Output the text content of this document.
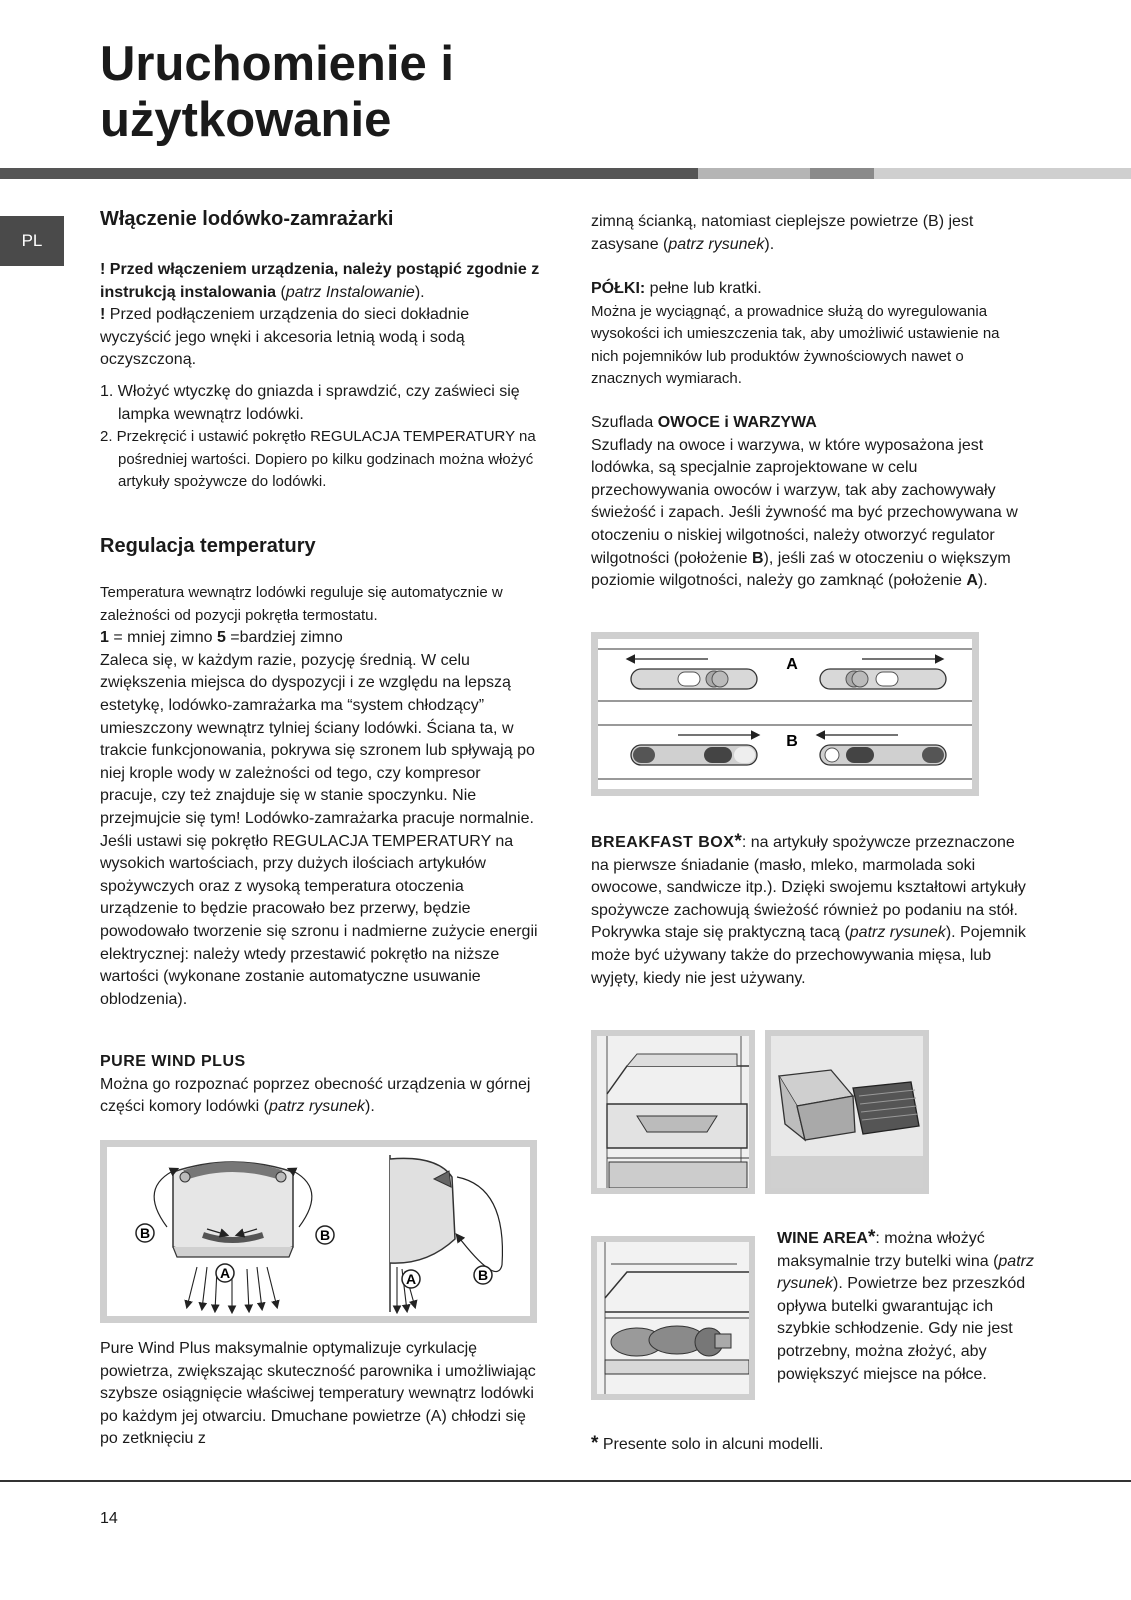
Uruchomienie i
użytkowanie
PL
Włączenie lodówko-zamrażarki

! Przed włączeniem urządzenia, należy postąpić zgodnie z instrukcją instalowania (patrz Instalowanie).

! Przed podłączeniem urządzenia do sieci dokładnie wyczyścić jego wnęki i akcesoria letnią wodą i sodą oczyszczoną.

1. Włożyć wtyczkę do gniazda i sprawdzić, czy zaświeci się lampka wewnątrz lodówki.
2. Przekręcić i ustawić pokrętło REGULACJA TEMPERATURY na pośredniej wartości. Dopiero po kilku godzinach można włożyć artykuły spożywcze do lodówki.
Regulacja temperatury

Temperatura wewnątrz lodówki reguluje się automatycznie w zależności od pozycji pokrętła termostatu.

1 = mniej zimno 5 =bardziej zimno

Zaleca się, w każdym razie, pozycję średnią. W celu zwiększenia miejsca do dyspozycji i ze względu na lepszą estetykę, lodówko-zamrażarka ma “system chłodzący” umieszczony wewnątrz tylniej ściany lodówki. Ściana ta, w trakcie funkcjonowania, pokrywa się szronem lub spływają po niej krople wody w zależności od tego, czy kompresor pracuje, czy też znajduje się w stanie spoczynku. Nie przejmujcie się tym! Lodówko-zamrażarka pracuje normalnie. Jeśli ustawi się pokrętło REGULACJA TEMPERATURY na wysokich wartościach, przy dużych ilościach artykułów spożywczych oraz z wysoką temperatura otoczenia urządzenie to będzie pracowało bez przerwy, będzie powodowało tworzenie się szronu i nadmierne zużycie energii elektrycznej: należy wtedy przestawić pokrętło na niższe wartości (wykonane zostanie automatyczne usuwanie oblodzenia).

PURE WIND PLUS

Można go rozpoznać poprzez obecność urządzenia w górnej części komory lodówki (patrz rysunek).

B	B
A	A	B
Pure Wind Plus maksymalnie optymalizuje cyrkulację powietrza, zwiększając skuteczność parownika i umożliwiając szybsze osiągnięcie właściwej temperatury wewnątrz lodówki po każdym jej otwarciu. Dmuchane powietrze (A) chłodzi się po zetknięciu z

zimną ścianką, natomiast cieplejsze powietrze (B) jest zasysane (patrz rysunek).

PÓŁKI: pełne lub kratki.

Można je wyciągnąć, a prowadnice służą do wyregulowania wysokości ich umieszczenia tak, aby umożliwić ustawienie na nich pojemników lub produktów żywnościowych nawet o znacznych wymiarach.

Szuflada OWOCE i WARZYWA

Szuflady na owoce i warzywa, w które wyposażona jest lodówka, są specjalnie zaprojektowane w celu przechowywania owoców i warzyw, tak aby zachowywały świeżość i zapach. Jeśli żywność ma być przechowywana w otoczeniu o niskiej wilgotności, należy otworzyć regulator wilgotności (położenie B), jeśli zaś w otoczeniu o większym poziomie wilgotności, należy go zamknąć (położenie A).

A
B

BREAKFAST BOX*: na artykuły spożywcze przeznaczone na pierwsze śniadanie (masło, mleko, marmolada soki owocowe, sandwicze itp.). Dzięki swojemu kształtowi artykuły spożywcze zachowują świeżość również po podaniu na stół. Pokrywka staje się praktyczną tacą (patrz rysunek). Pojemnik może być używany także do przechowywania mięsa, lub wyjęty, kiedy nie jest używany.

WINE AREA*: można włożyć maksymalnie trzy butelki wina (patrz rysunek). Powietrze bez przeszkód opływa butelki gwarantując ich szybkie schłodzenie. Gdy nie jest potrzebny, można złożyć, aby powiększyć miejsce na półce.

* Presente solo in alcuni modelli.

14
